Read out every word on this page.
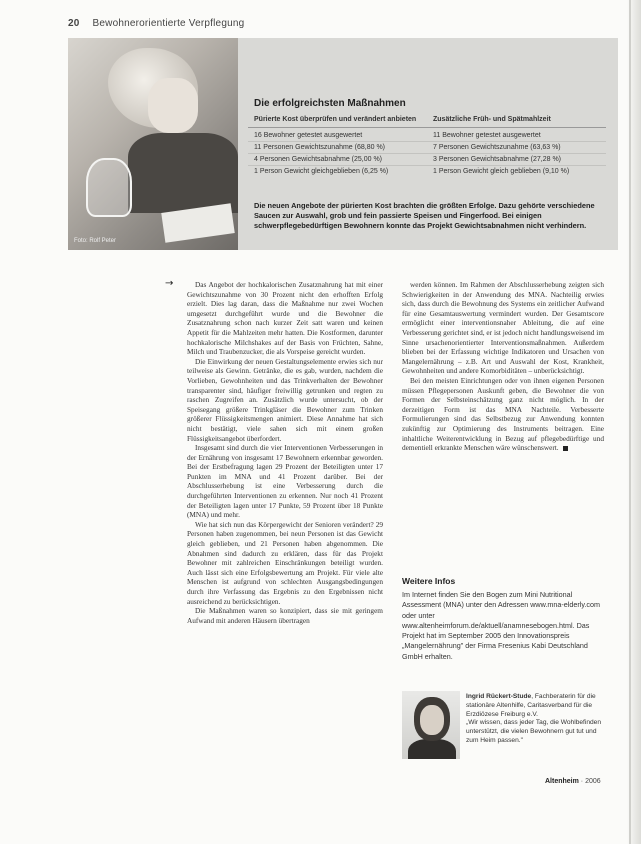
20 Bewohnerorientierte Verpflegung
Foto: Rolf Peter
Die erfolgreichsten Maßnahmen
Pürierte Kost überprüfen und verändert anbieten	Zusätzliche Früh- und Spätmahlzeit
16 Bewohner getestet ausgewertet	11 Bewohner getestet ausgewertet
11 Personen Gewichtszunahme (68,80 %)	7 Personen Gewichtszunahme (63,63 %)
4 Personen Gewichtsabnahme (25,00 %)	3 Personen Gewichtsabnahme (27,28 %)
1 Person Gewicht gleichgeblieben (6,25 %)	1 Person Gewicht gleich geblieben (9,10 %)
Die neuen Angebote der pürierten Kost brachten die größten Erfolge. Dazu gehörte verschiedene Saucen zur Auswahl, grob und fein passierte Speisen und Fingerfood. Bei einigen schwerpflegebedürftigen Bewohnern konnte das Projekt Gewichtsabnahmen nicht verhindern.
→	Das Angebot der hochkalorischen Zusatznahrung hat mit einer Gewichtszunahme von 30 Prozent nicht den erhofften Erfolg erzielt. Dies lag daran, dass die Maßnahme nur zwei Wochen umgesetzt durchgeführt wurde und die Bewohner die Zusatznahrung schon nach kurzer Zeit satt waren und keinen Appetit für die Mahlzeiten mehr hatten. Die Kostformen, darunter hochkalorische Milchshakes auf der Basis von Früchten, Sahne, Milch und Traubenzucker, die als Vorspeise gereicht wurden.

Die Einwirkung der neuen Gestaltungselemente erwies sich nur teilweise als Gewinn. Getränke, die es gab, wurden, nachdem die Vorlieben, Gewohnheiten und das Trinkverhalten der Bewohner transparenter sind, häufiger freiwillig getrunken und regten zu raschen Zugreifen an. Zusätzlich wurde untersucht, ob der Speisegang größere Trinkgläser die Bewohner zum Trinken größerer Flüssigkeitsmengen animiert. Diese Annahme hat sich nicht bestätigt, viele sahen sich mit einem großen Flüssigkeitsangebot überfordert.

Insgesamt sind durch die vier Interventionen Verbesserungen in der Ernährung von insgesamt 17 Bewohnern erkennbar geworden. Bei der Erstbefragung lagen 29 Prozent der Beteiligten unter 17 Punkten im MNA und 41 Prozent darüber. Bei der Abschlusserhebung ist eine Verbesserung durch die durchgeführten Interventionen zu erkennen. Nur noch 41 Prozent der Beteiligten lagen unter 17 Punkte, 59 Prozent über 18 Punkte (MNA) und mehr.

Wie hat sich nun das Körpergewicht der Senioren verändert? 29 Personen haben zugenommen, bei neun Personen ist das Gewicht gleich geblieben, und 21 Personen haben abgenommen. Die Abnahmen sind dadurch zu erklären, dass für das Projekt Bewohner mit zahlreichen Einschränkungen beteiligt wurden. Auch lässt sich eine Erfolgsbewertung am Projekt. Für viele alte Menschen ist aufgrund von schlechten Ausgangsbedingungen durch ihre Verfassung das Ergebnis zu den Ergebnissen nicht ausreichend zu berücksichtigen.

Die Maßnahmen waren so konzipiert, dass sie mit geringem Aufwand mit anderen Häusern übertragen

werden können. Im Rahmen der Abschlusserhebung zeigten sich Schwierigkeiten in der Anwendung des MNA. Nachteilig erwies sich, dass durch die Bewohnung des Systems ein zeitlicher Aufwand für eine Gesamtauswertung vermindert wurden. Der Gesamtscore ermöglicht einer interventionsnaher Ableitung, die auf eine Verbesserung gerichtet sind, er ist jedoch nicht handlungsweisend im Sinne ursachenorientierter Interventionsmaßnahmen. Außerdem blieben bei der Erfassung wichtige Indikatoren und Ursachen von Mangelernährung – z.B. Art und Auswahl der Kost, Krankheit, Gewohnheiten und andere Komorbiditäten – unberücksichtigt.

Bei den meisten Einrichtungen oder von ihnen eigenen Personen müssen Pflegepersonen Auskunft geben, die Bewohner die von Formen der Selbsteinschätzung ganz nicht möglich. In der derzeitigen Form ist das MNA Nachteile. Verbesserte Formulierungen sind das Selbstbezug zur Anwendung konnten zukünftig zur Optimierung des Instruments beitragen. Eine inhaltliche Weiterentwicklung in Bezug auf pflegebedürftige und dementiell erkrankte Menschen wäre wünschenswert.

Weitere Infos
Im Internet finden Sie den Bogen zum Mini Nutritional Assessment (MNA) unter den Adressen www.mna-elderly.com oder unter www.altenheimforum.de/aktuell/anamnesebogen.html. Das Projekt hat im September 2005 den Innovationspreis „Mangelernährung" der Firma Fresenius Kabi Deutschland GmbH erhalten.
Ingrid Rückert-Stude, Fachberaterin für die stationäre Altenhilfe, Caritasverband für die Erzdiözese Freiburg e.V.
„Wir wissen, dass jeder Tag, die Wohlbefinden unterstützt, die vielen Bewohnern gut tut und zum Heim passen."
Altenheim · 2006
